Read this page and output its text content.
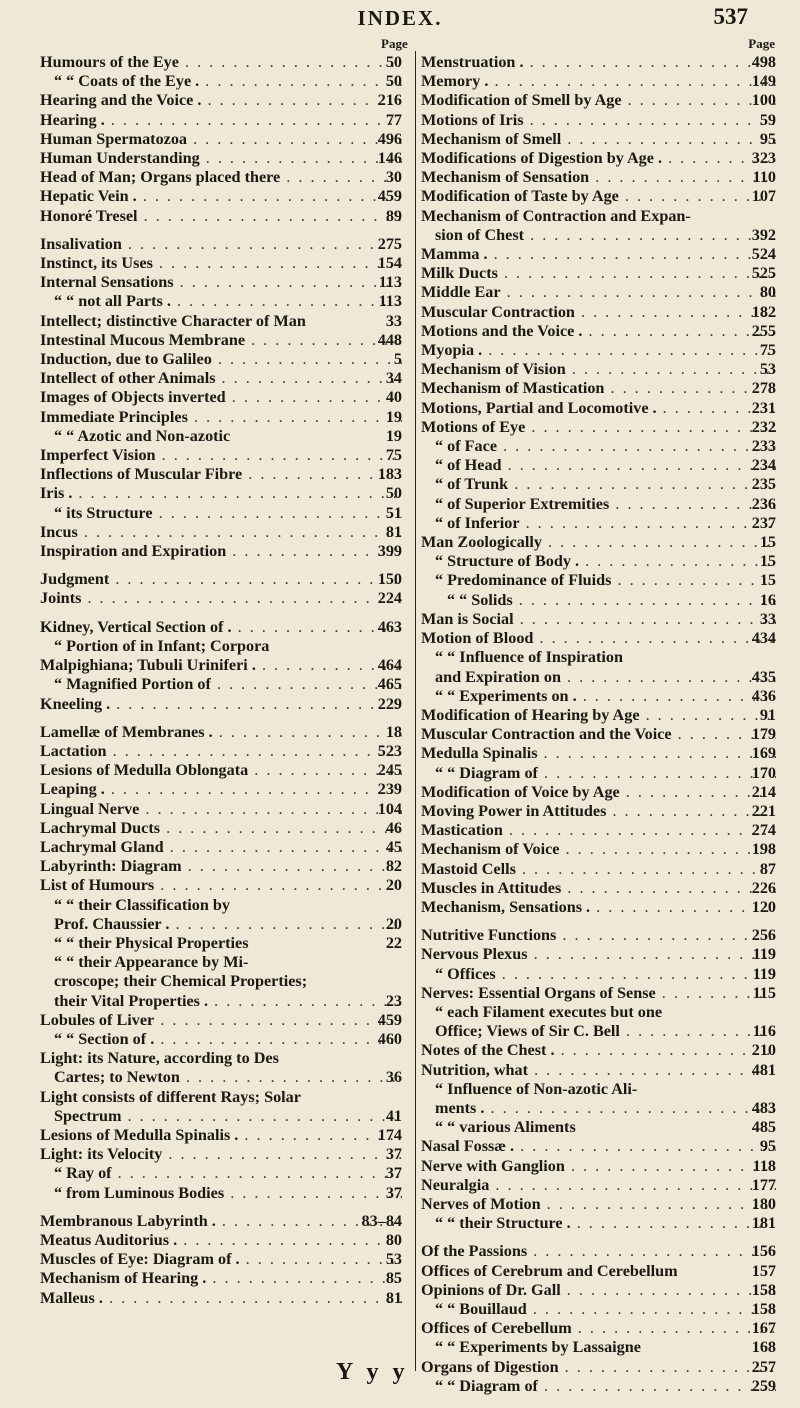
INDEX.	537
Page	Page
Humours of the Eye . . .	50
“ “ Coats of the Eye . . . .	50
Hearing and the Voice . . . .	216
Hearing . . . .	77
Human Spermatozoa . . .	496
Human Understanding . . .	146
Head of Man; Organs placed there . . .	30
Hepatic Vein . . . .	459
Honoré Tresel . . .	89
Insalivation . . .	275
Instinct, its Uses . . .	154
Internal Sensations . . .	113
“ “ not all Parts . . . .	113
Intellect; distinctive Character of Man	33
Intestinal Mucous Membrane . . .	448
Induction, due to Galileo . . .	5
Intellect of other Animals . . .	34
Images of Objects inverted . . .	40
Immediate Principles . . .	19
“ “ Azotic and Non-azotic	19
Imperfect Vision . . .	75
Inflections of Muscular Fibre . . .	183
Iris . . . .	50
“ its Structure . . .	51
Incus . . .	81
Inspiration and Expiration . . .	399
Judgment . . .	150
Joints . . .	224
Kidney, Vertical Section of . . . .	463
“ Portion of in Infant; Corpora
Malpighiana; Tubuli Uriniferi . . . .	464
“ Magnified Portion of . . .	465
Kneeling . . . .	229
Lamellæ of Membranes . . . .	18
Lactation . . .	523
Lesions of Medulla Oblongata . . .	245
Leaping . . . .	239
Lingual Nerve . . .	104
Lachrymal Ducts . . .	46
Lachrymal Gland . . .	45
Labyrinth: Diagram . . .	82
List of Humours . . .	20
“ “ their Classification by
Prof. Chaussier . . . .	20
“ “ their Physical Properties	22
“ “ their Appearance by Mi-
croscope; their Chemical Properties;
their Vital Properties . . . .	23
Lobules of Liver . . .	459
“ “ Section of . . . .	460
Light: its Nature, according to Des
Cartes; to Newton . . .	36
Light consists of different Rays; Solar
Spectrum . . .	41
Lesions of Medulla Spinalis . . . .	174
Light: its Velocity . . .	37
“ Ray of . . .	37
“ from Luminous Bodies . . .	37
Membranous Labyrinth . . . .	83–84
Meatus Auditorius . . . .	80
Muscles of Eye: Diagram of . . . .	53
Mechanism of Hearing . . . .	85
Malleus . . . .	81
Menstruation . . . .	498
Memory . . . .	149
Modification of Smell by Age . . .	100
Motions of Iris . . .	59
Mechanism of Smell . . .	95
Modifications of Digestion by Age . . . .	323
Mechanism of Sensation . . .	110
Modification of Taste by Age . . .	107
Mechanism of Contraction and Expan-
sion of Chest . . .	392
Mamma . . . .	524
Milk Ducts . . .	525
Middle Ear . . .	80
Muscular Contraction . . .	182
Motions and the Voice . . . .	255
Myopia . . . .	75
Mechanism of Vision . . .	53
Mechanism of Mastication . . .	278
Motions, Partial and Locomotive . . . .	231
Motions of Eye . . .	232
“ of Face . . .	233
“ of Head . . .	234
“ of Trunk . . .	235
“ of Superior Extremities . . .	236
“ of Inferior . . .	237
Man Zoologically . . .	15
“ Structure of Body . . . .	15
“ Predominance of Fluids . . .	15
“ “ Solids . . .	16
Man is Social . . .	33
Motion of Blood . . .	434
“ “ Influence of Inspiration
and Expiration on . . .	435
“ “ Experiments on . . . .	436
Modification of Hearing by Age . . .	91
Muscular Contraction and the Voice . . .	179
Medulla Spinalis . . .	169
“ “ Diagram of . . .	170
Modification of Voice by Age . . .	214
Moving Power in Attitudes . . .	221
Mastication . . .	274
Mechanism of Voice . . .	198
Mastoid Cells . . .	87
Muscles in Attitudes . . .	226
Mechanism, Sensations . . . .	120
Nutritive Functions . . .	256
Nervous Plexus . . .	119
“ Offices . . .	119
Nerves: Essential Organs of Sense . . .	115
“ each Filament executes but one
Office; Views of Sir C. Bell . . .	116
Notes of the Chest . . . .	210
Nutrition, what . . .	481
“ Influence of Non-azotic Ali-
ments . . . .	483
“ “ various Aliments	485
Nasal Fossæ . . . .	95
Nerve with Ganglion . . .	118
Neuralgia . . .	177
Nerves of Motion . . .	180
“ “ their Structure . . . .	181
Of the Passions . . .	156
Offices of Cerebrum and Cerebellum	157
Opinions of Dr. Gall . . .	158
“ “ Bouillaud . . .	158
Offices of Cerebellum . . .	167
“ “ Experiments by Lassaigne	168
Organs of Digestion . . .	257
“ “ Diagram of . . .	259
Y y y
